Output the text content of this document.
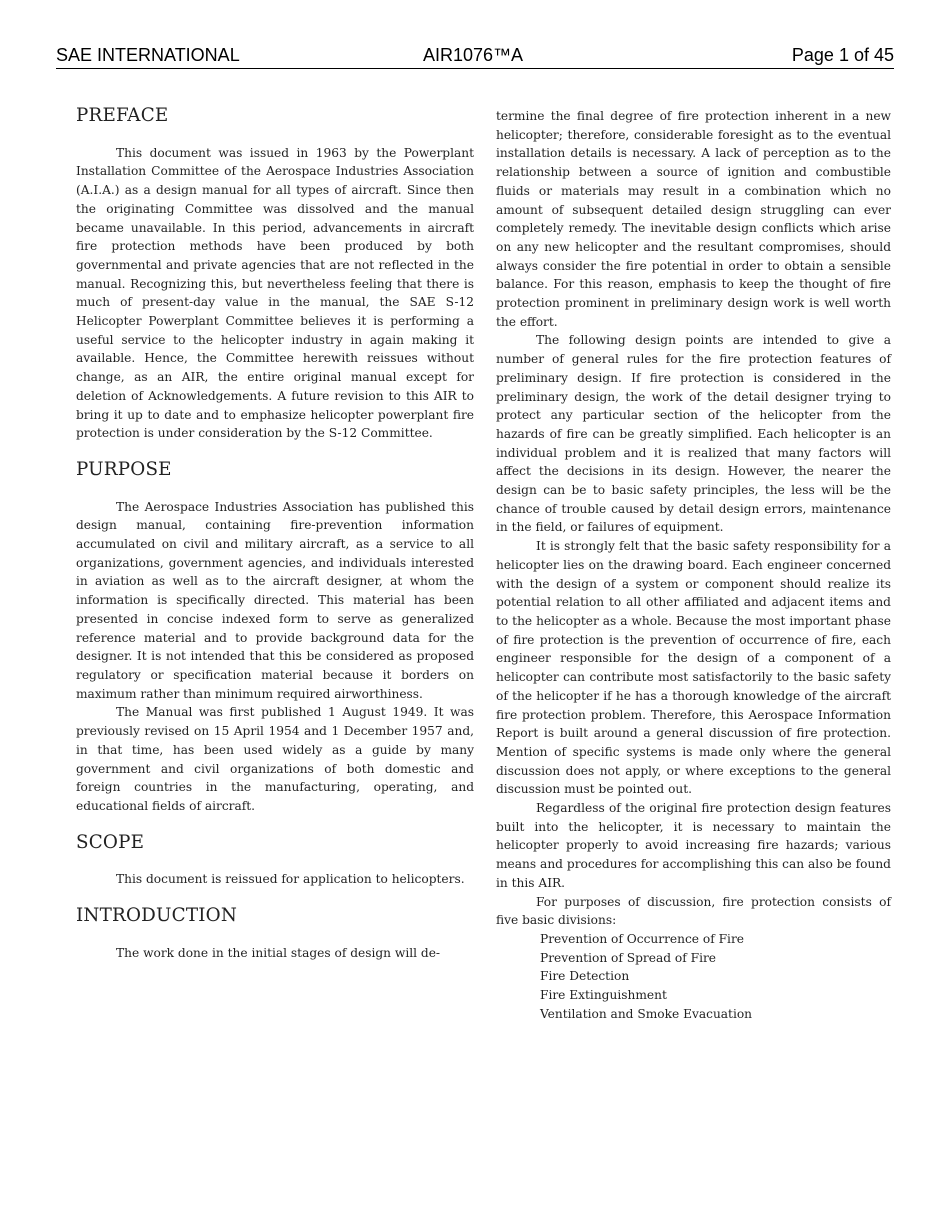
SAE INTERNATIONAL	AIR1076™A	Page 1 of 45
PREFACE

This document was issued in 1963 by the Powerplant Installation Committee of the Aerospace Industries Association (A.I.A.) as a design manual for all types of aircraft. Since then the originating Committee was dissolved and the manual became unavailable. In this period, advancements in aircraft fire protection methods have been produced by both governmental and private agencies that are not reflected in the manual. Recognizing this, but nevertheless feeling that there is much of present-day value in the manual, the SAE S-12 Helicopter Powerplant Committee believes it is performing a useful service to the helicopter industry in again making it available. Hence, the Committee herewith reissues without change, as an AIR, the entire original manual except for deletion of Acknowledgements. A future revision to this AIR to bring it up to date and to emphasize helicopter powerplant fire protection is under consideration by the S-12 Committee.

PURPOSE

The Aerospace Industries Association has published this design manual, containing fire-prevention information accumulated on civil and military aircraft, as a service to all organizations, government agencies, and individuals interested in aviation as well as to the aircraft designer, at whom the information is specifically directed. This material has been presented in concise indexed form to serve as generalized reference material and to provide background data for the designer. It is not intended that this be considered as proposed regulatory or specification material because it borders on maximum rather than minimum required airworthiness.

The Manual was first published 1 August 1949. It was previously revised on 15 April 1954 and 1 December 1957 and, in that time, has been used widely as a guide by many government and civil organizations of both domestic and foreign countries in the manufacturing, operating, and educational fields of aircraft.

SCOPE

This document is reissued for application to helicopters.

INTRODUCTION

The work done in the initial stages of design will de-

termine the final degree of fire protection inherent in a new helicopter; therefore, considerable foresight as to the eventual installation details is necessary. A lack of perception as to the relationship between a source of ignition and combustible fluids or materials may result in a combination which no amount of subsequent detailed design struggling can ever completely remedy. The inevitable design conflicts which arise on any new helicopter and the resultant compromises, should always consider the fire potential in order to obtain a sensible balance. For this reason, emphasis to keep the thought of fire protection prominent in preliminary design work is well worth the effort.

The following design points are intended to give a number of general rules for the fire protection features of preliminary design. If fire protection is considered in the preliminary design, the work of the detail designer trying to protect any particular section of the helicopter from the hazards of fire can be greatly simplified. Each helicopter is an individual problem and it is realized that many factors will affect the decisions in its design. However, the nearer the design can be to basic safety principles, the less will be the chance of trouble caused by detail design errors, maintenance in the field, or failures of equipment.

It is strongly felt that the basic safety responsibility for a helicopter lies on the drawing board. Each engineer concerned with the design of a system or component should realize its potential relation to all other affiliated and adjacent items and to the helicopter as a whole. Because the most important phase of fire protection is the prevention of occurrence of fire, each engineer responsible for the design of a component of a helicopter can contribute most satisfactorily to the basic safety of the helicopter if he has a thorough knowledge of the aircraft fire protection problem. Therefore, this Aerospace Information Report is built around a general discussion of fire protection. Mention of specific systems is made only where the general discussion does not apply, or where exceptions to the general discussion must be pointed out.

Regardless of the original fire protection design features built into the helicopter, it is necessary to maintain the helicopter properly to avoid increasing fire hazards; various means and procedures for accomplishing this can also be found in this AIR.

For purposes of discussion, fire protection consists of five basic divisions:

Prevention of Occurrence of Fire
Prevention of Spread of Fire
Fire Detection
Fire Extinguishment
Ventilation and Smoke Evacuation
